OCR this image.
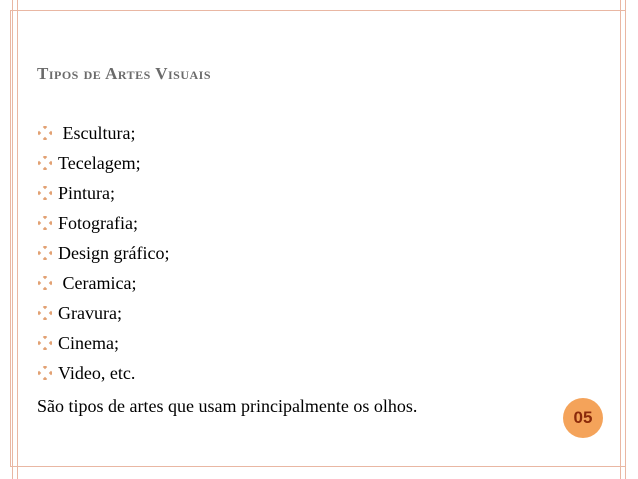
Tipos de Artes Visuais
Escultura;
Tecelagem;
Pintura;
Fotografia;
Design gráfico;
Ceramica;
Gravura;
Cinema;
Video, etc.
São tipos de artes que usam principalmente os olhos.
05
